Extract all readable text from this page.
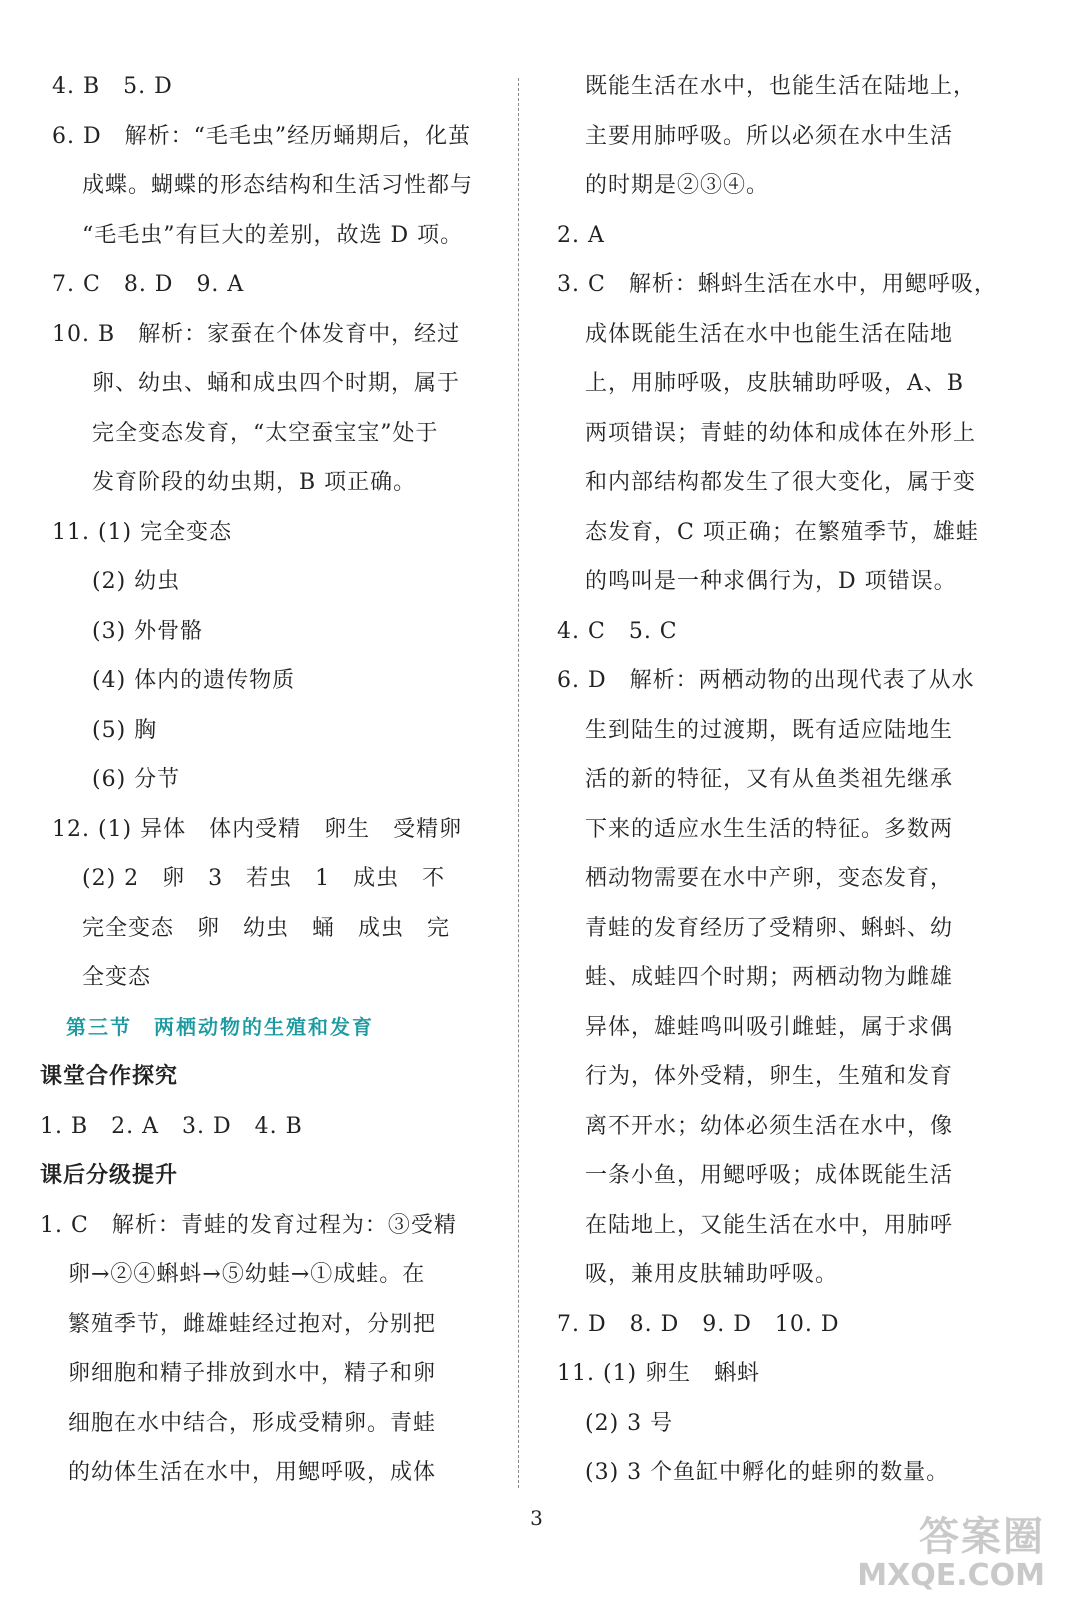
4. B　5. D
6. D　解析：“毛毛虫”经历蛹期后，化茧
成蝶。蝴蝶的形态结构和生活习性都与
“毛毛虫”有巨大的差别，故选 D 项。
7. C　8. D　9. A
10. B　解析：家蚕在个体发育中，经过
卵、幼虫、蛹和成虫四个时期，属于
完全变态发育，“太空蚕宝宝”处于
发育阶段的幼虫期，B 项正确。
11. (1) 完全变态
(2) 幼虫
(3) 外骨骼
(4) 体内的遗传物质
(5) 胸
(6) 分节
12. (1) 异体　体内受精　卵生　受精卵
(2) 2　卵　3　若虫　1　成虫　不
完全变态　卵　幼虫　蛹　成虫　完
全变态
第三节　两栖动物的生殖和发育
课堂合作探究
1. B　2. A　3. D　4. B
课后分级提升
1. C　解析：青蛙的发育过程为：③受精
卵→②④蝌蚪→⑤幼蛙→①成蛙。在
繁殖季节，雌雄蛙经过抱对，分别把
卵细胞和精子排放到水中，精子和卵
细胞在水中结合，形成受精卵。青蛙
的幼体生活在水中，用鳃呼吸，成体
既能生活在水中，也能生活在陆地上，
主要用肺呼吸。所以必须在水中生活
的时期是②③④。
2. A
3. C　解析：蝌蚪生活在水中，用鳃呼吸，
成体既能生活在水中也能生活在陆地
上，用肺呼吸，皮肤辅助呼吸，A、B
两项错误；青蛙的幼体和成体在外形上
和内部结构都发生了很大变化，属于变
态发育，C 项正确；在繁殖季节，雄蛙
的鸣叫是一种求偶行为，D 项错误。
4. C　5. C
6. D　解析：两栖动物的出现代表了从水
生到陆生的过渡期，既有适应陆地生
活的新的特征，又有从鱼类祖先继承
下来的适应水生生活的特征。多数两
栖动物需要在水中产卵，变态发育，
青蛙的发育经历了受精卵、蝌蚪、幼
蛙、成蛙四个时期；两栖动物为雌雄
异体，雄蛙鸣叫吸引雌蛙，属于求偶
行为，体外受精，卵生，生殖和发育
离不开水；幼体必须生活在水中，像
一条小鱼，用鳃呼吸；成体既能生活
在陆地上，又能生活在水中，用肺呼
吸，兼用皮肤辅助呼吸。
7. D　8. D　9. D　10. D
11. (1) 卵生　蝌蚪
(2) 3 号
(3) 3 个鱼缸中孵化的蛙卵的数量。
3	答案圈
MXQE.COM
